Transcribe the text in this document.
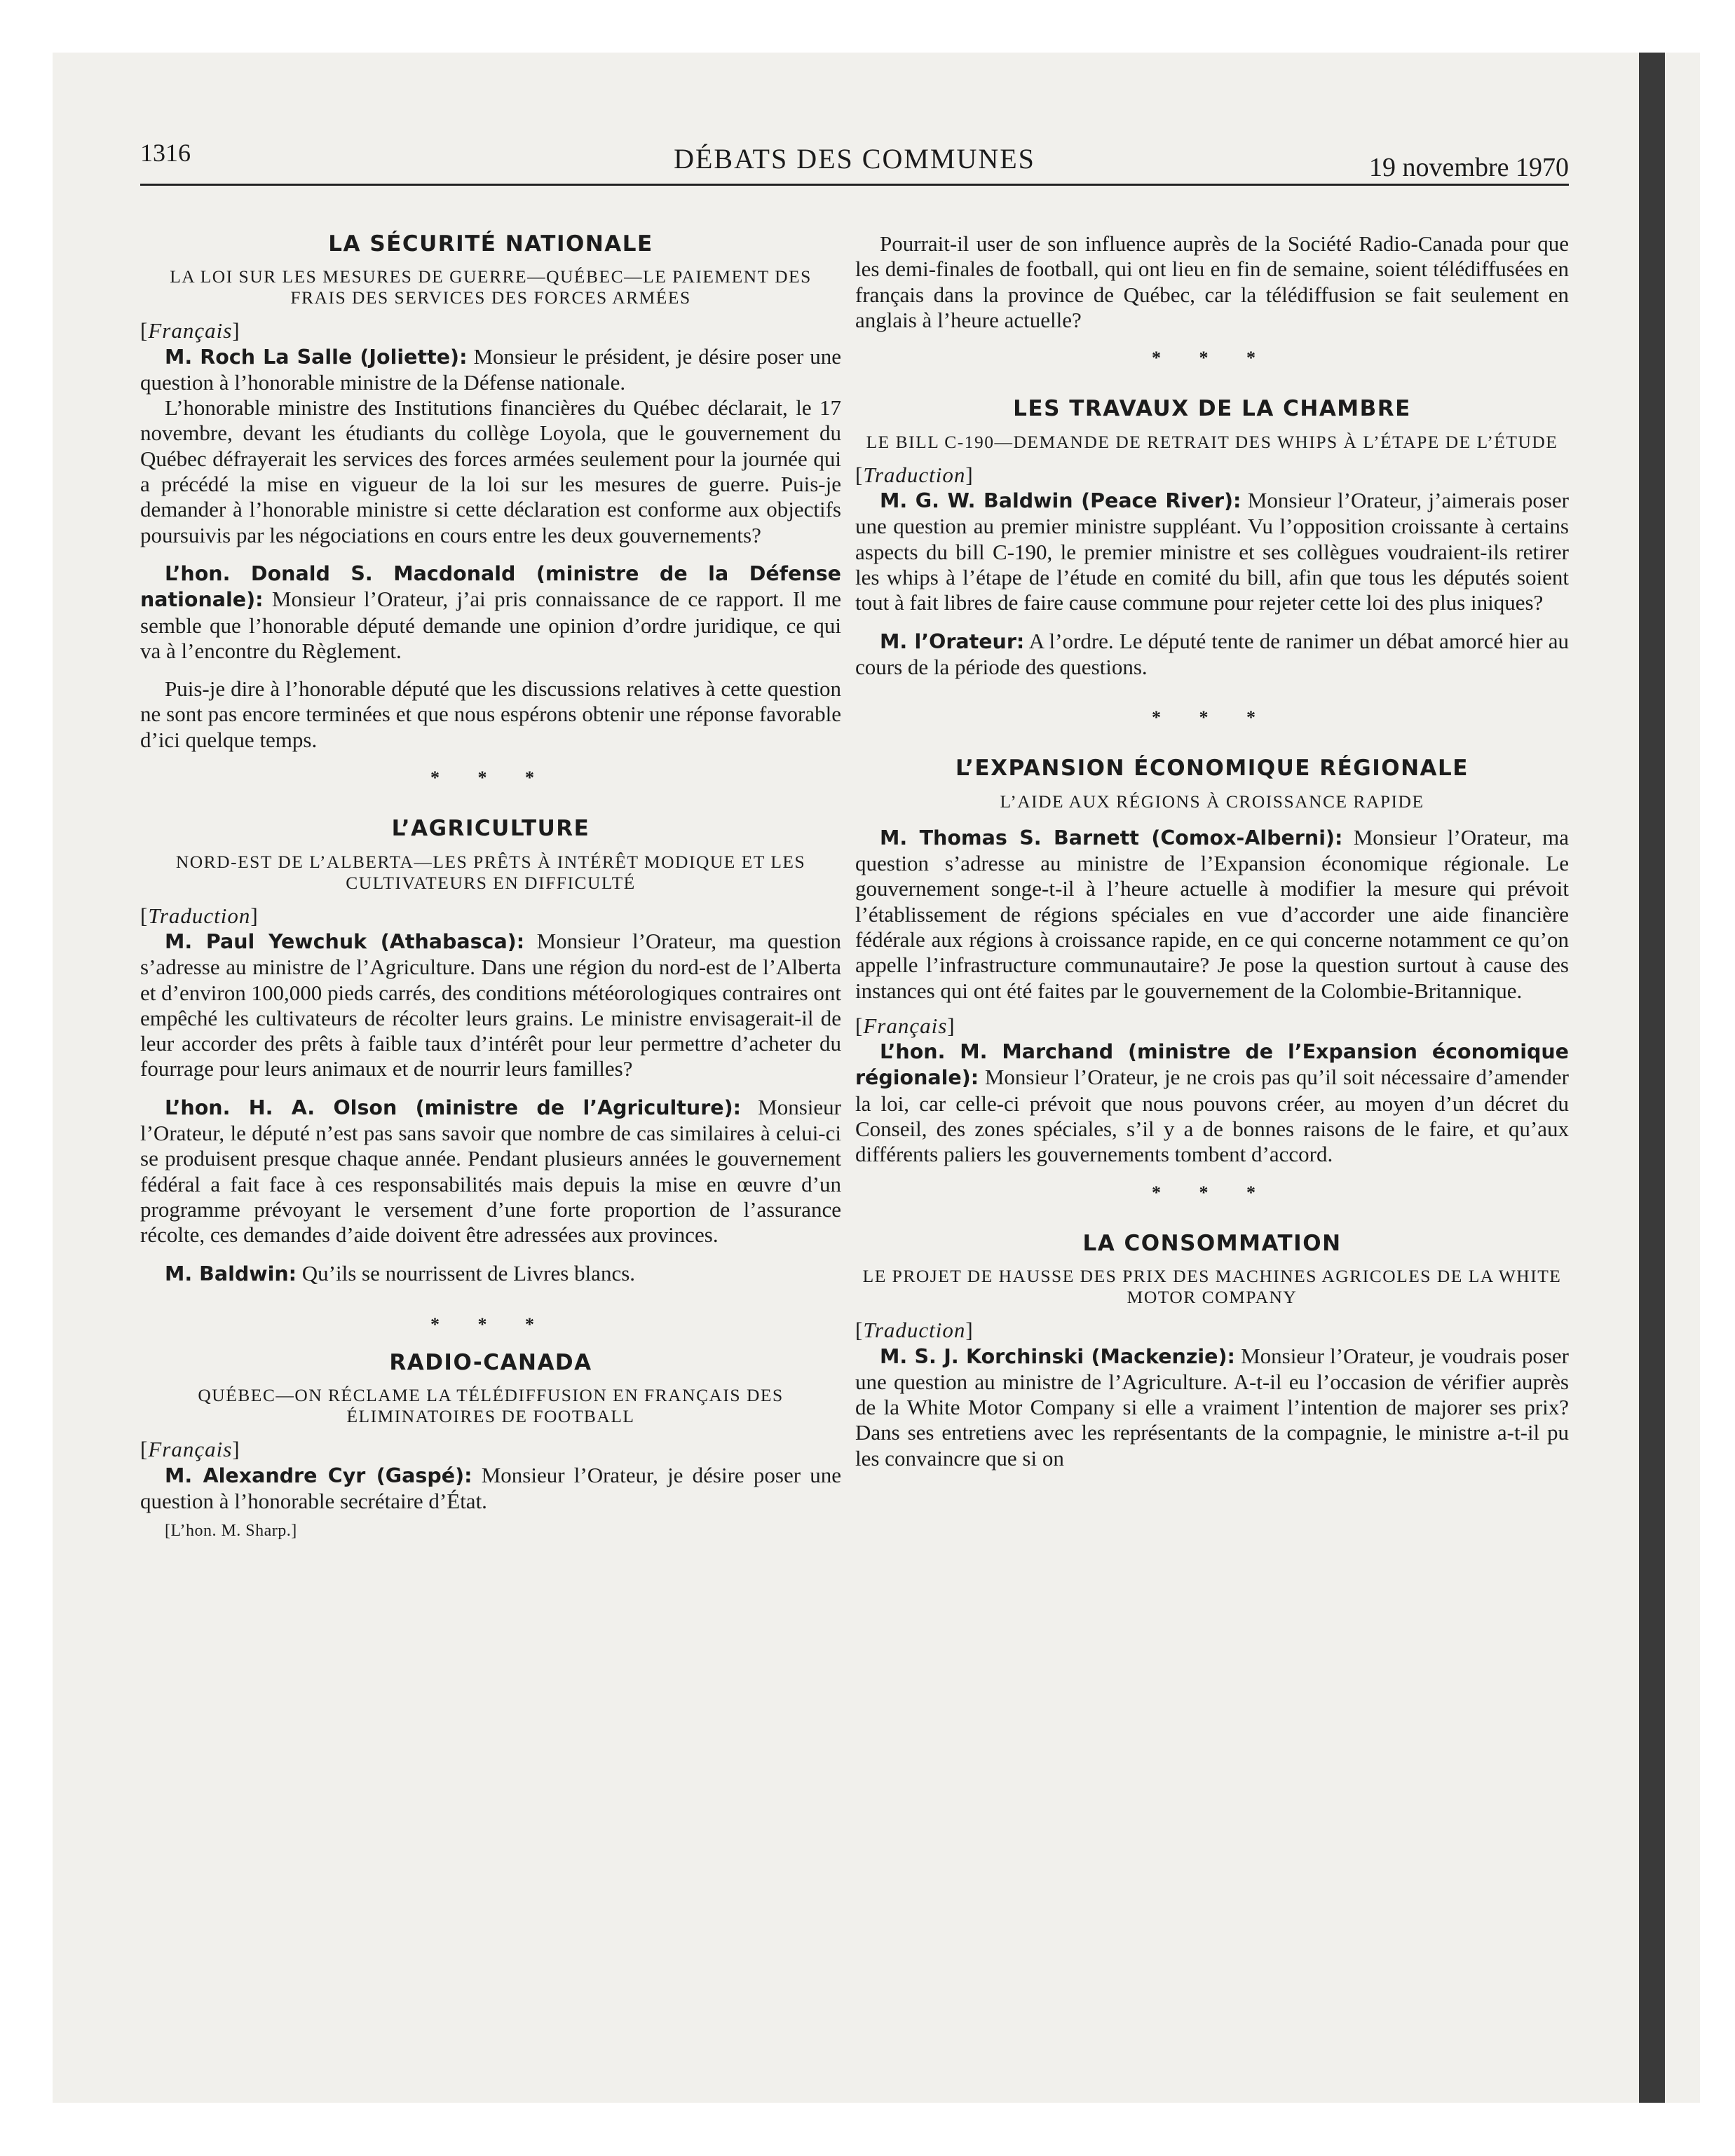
1316	DÉBATS DES COMMUNES	19 novembre 1970
LA SÉCURITÉ NATIONALE
LA LOI SUR LES MESURES DE GUERRE—QUÉBEC—LE PAIEMENT DES FRAIS DES SERVICES DES FORCES ARMÉES
[Français]

M. Roch La Salle (Joliette): Monsieur le président, je désire poser une question à l’honorable ministre de la Défense nationale.

L’honorable ministre des Institutions financières du Québec déclarait, le 17 novembre, devant les étudiants du collège Loyola, que le gouvernement du Québec défrayerait les services des forces armées seulement pour la journée qui a précédé la mise en vigueur de la loi sur les mesures de guerre. Puis-je demander à l’honorable ministre si cette déclaration est conforme aux objectifs poursuivis par les négociations en cours entre les deux gouvernements?

L’hon. Donald S. Macdonald (ministre de la Défense nationale): Monsieur l’Orateur, j’ai pris connaissance de ce rapport. Il me semble que l’honorable député demande une opinion d’ordre juridique, ce qui va à l’encontre du Règlement.

Puis-je dire à l’honorable député que les discussions relatives à cette question ne sont pas encore terminées et que nous espérons obtenir une réponse favorable d’ici quelque temps.

* * *
L’AGRICULTURE
NORD-EST DE L’ALBERTA—LES PRÊTS À INTÉRÊT MODIQUE ET LES CULTIVATEURS EN DIFFICULTÉ
[Traduction]

M. Paul Yewchuk (Athabasca): Monsieur l’Orateur, ma question s’adresse au ministre de l’Agriculture. Dans une région du nord-est de l’Alberta et d’environ 100,000 pieds carrés, des conditions météorologiques contraires ont empêché les cultivateurs de récolter leurs grains. Le ministre envisagerait-il de leur accorder des prêts à faible taux d’intérêt pour leur permettre d’acheter du fourrage pour leurs animaux et de nourrir leurs familles?

L’hon. H. A. Olson (ministre de l’Agriculture): Monsieur l’Orateur, le député n’est pas sans savoir que nombre de cas similaires à celui-ci se produisent presque chaque année. Pendant plusieurs années le gouvernement fédéral a fait face à ces responsabilités mais depuis la mise en œuvre d’un programme prévoyant le versement d’une forte proportion de l’assurance récolte, ces demandes d’aide doivent être adressées aux provinces.

M. Baldwin: Qu’ils se nourrissent de Livres blancs.

* * *
RADIO-CANADA
QUÉBEC—ON RÉCLAME LA TÉLÉDIFFUSION EN FRANÇAIS DES ÉLIMINATOIRES DE FOOTBALL
[Français]

M. Alexandre Cyr (Gaspé): Monsieur l’Orateur, je désire poser une question à l’honorable secrétaire d’État.

[L’hon. M. Sharp.]

Pourrait-il user de son influence auprès de la Société Radio-Canada pour que les demi-finales de football, qui ont lieu en fin de semaine, soient télédiffusées en français dans la province de Québec, car la télédiffusion se fait seulement en anglais à l’heure actuelle?

* * *
LES TRAVAUX DE LA CHAMBRE
LE BILL C-190—DEMANDE DE RETRAIT DES WHIPS À L’ÉTAPE DE L’ÉTUDE
[Traduction]

M. G. W. Baldwin (Peace River): Monsieur l’Orateur, j’aimerais poser une question au premier ministre suppléant. Vu l’opposition croissante à certains aspects du bill C-190, le premier ministre et ses collègues voudraient-ils retirer les whips à l’étape de l’étude en comité du bill, afin que tous les députés soient tout à fait libres de faire cause commune pour rejeter cette loi des plus iniques?

M. l’Orateur: A l’ordre. Le député tente de ranimer un débat amorcé hier au cours de la période des questions.

* * *
L’EXPANSION ÉCONOMIQUE RÉGIONALE
L’AIDE AUX RÉGIONS À CROISSANCE RAPIDE

M. Thomas S. Barnett (Comox-Alberni): Monsieur l’Orateur, ma question s’adresse au ministre de l’Expansion économique régionale. Le gouvernement songe-t-il à l’heure actuelle à modifier la mesure qui prévoit l’établissement de régions spéciales en vue d’accorder une aide financière fédérale aux régions à croissance rapide, en ce qui concerne notamment ce qu’on appelle l’infrastructure communautaire? Je pose la question surtout à cause des instances qui ont été faites par le gouvernement de la Colombie-Britannique.

[Français]

L’hon. M. Marchand (ministre de l’Expansion économique régionale): Monsieur l’Orateur, je ne crois pas qu’il soit nécessaire d’amender la loi, car celle-ci prévoit que nous pouvons créer, au moyen d’un décret du Conseil, des zones spéciales, s’il y a de bonnes raisons de le faire, et qu’aux différents paliers les gouvernements tombent d’accord.

* * *
LA CONSOMMATION
LE PROJET DE HAUSSE DES PRIX DES MACHINES AGRICOLES DE LA WHITE MOTOR COMPANY
[Traduction]

M. S. J. Korchinski (Mackenzie): Monsieur l’Orateur, je voudrais poser une question au ministre de l’Agriculture. A-t-il eu l’occasion de vérifier auprès de la White Motor Company si elle a vraiment l’intention de majorer ses prix? Dans ses entretiens avec les représentants de la compagnie, le ministre a-t-il pu les convaincre que si on
